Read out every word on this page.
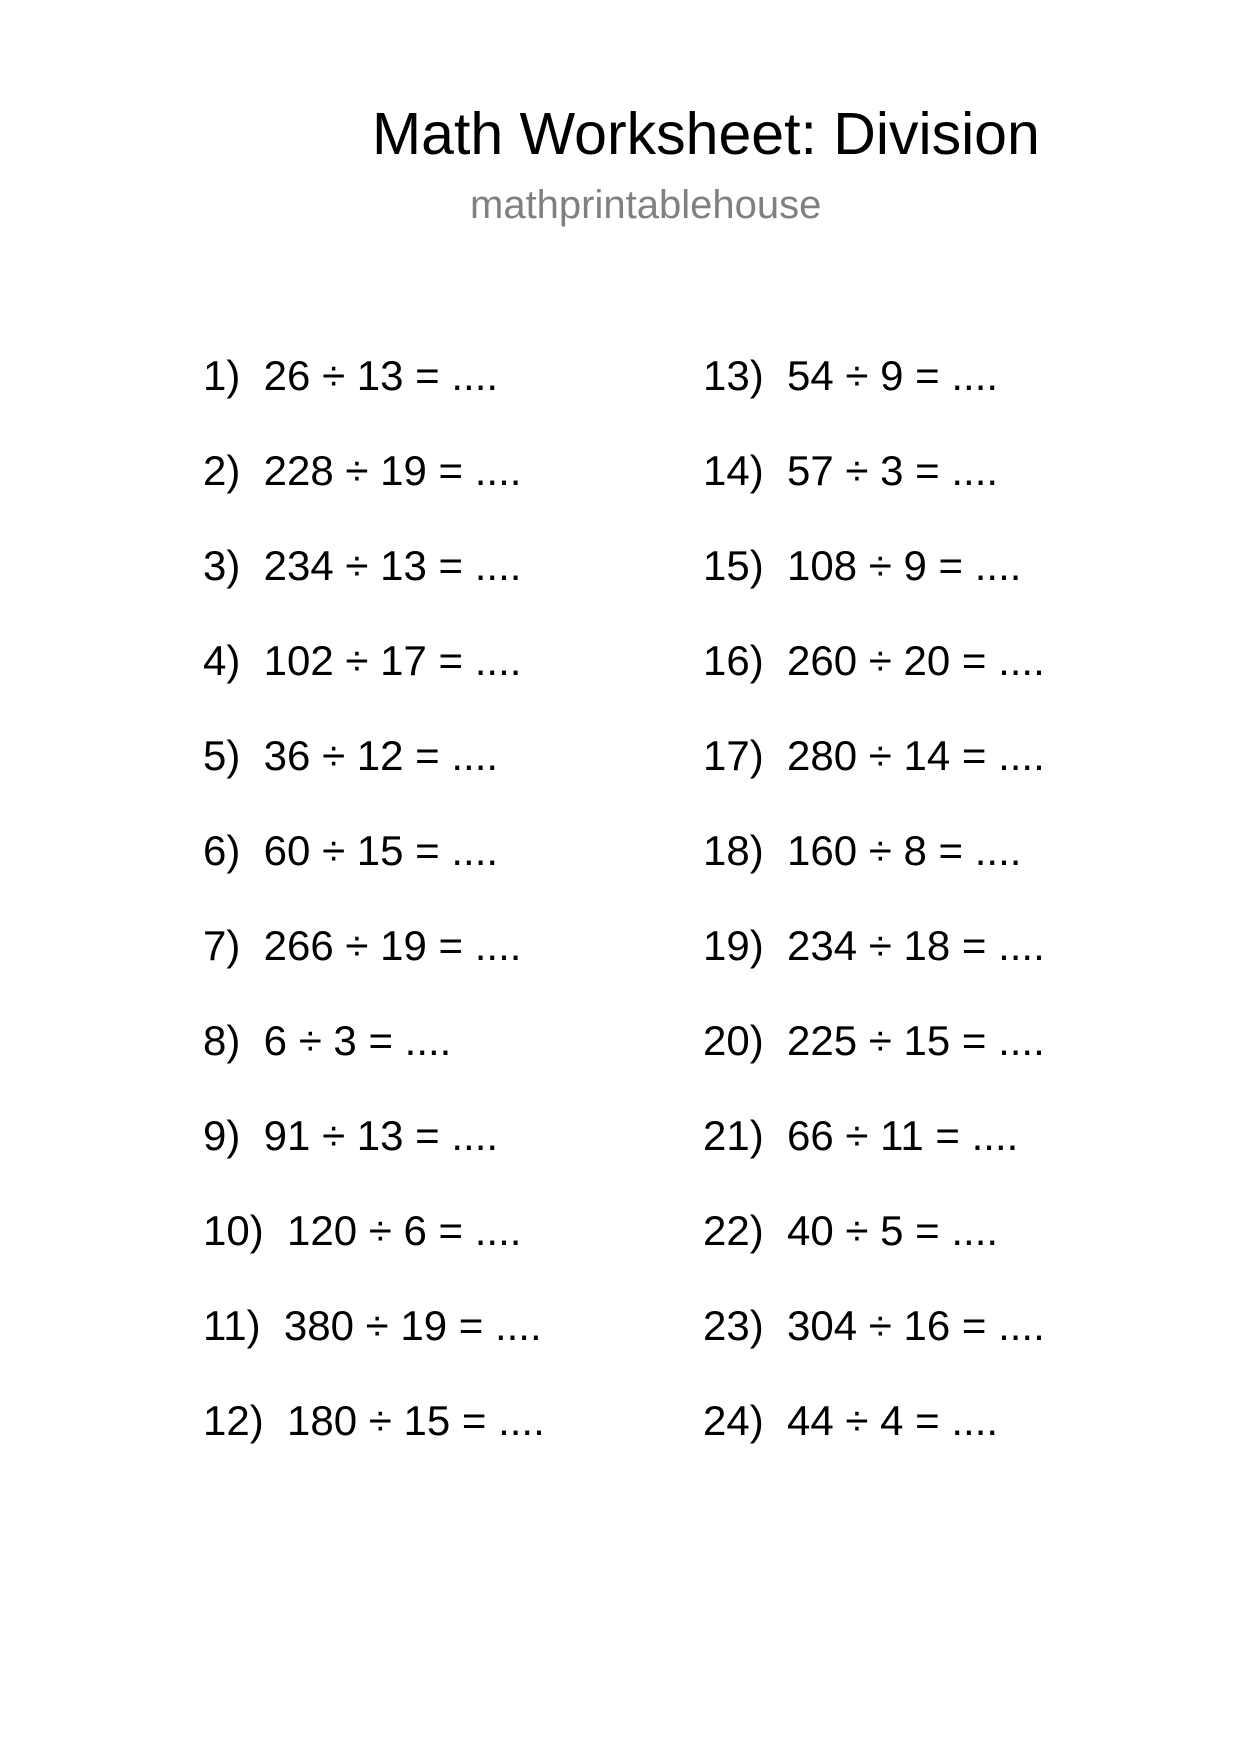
Math Worksheet: Division
mathprintablehouse
1)  26 ÷ 13 = ....
2)  228 ÷ 19 = ....
3)  234 ÷ 13 = ....
4)  102 ÷ 17 = ....
5)  36 ÷ 12 = ....
6)  60 ÷ 15 = ....
7)  266 ÷ 19 = ....
8)  6 ÷ 3 = ....
9)  91 ÷ 13 = ....
10)  120 ÷ 6 = ....
11)  380 ÷ 19 = ....
12)  180 ÷ 15 = ....
13)  54 ÷ 9 = ....
14)  57 ÷ 3 = ....
15)  108 ÷ 9 = ....
16)  260 ÷ 20 = ....
17)  280 ÷ 14 = ....
18)  160 ÷ 8 = ....
19)  234 ÷ 18 = ....
20)  225 ÷ 15 = ....
21)  66 ÷ 11 = ....
22)  40 ÷ 5 = ....
23)  304 ÷ 16 = ....
24)  44 ÷ 4 = ....
